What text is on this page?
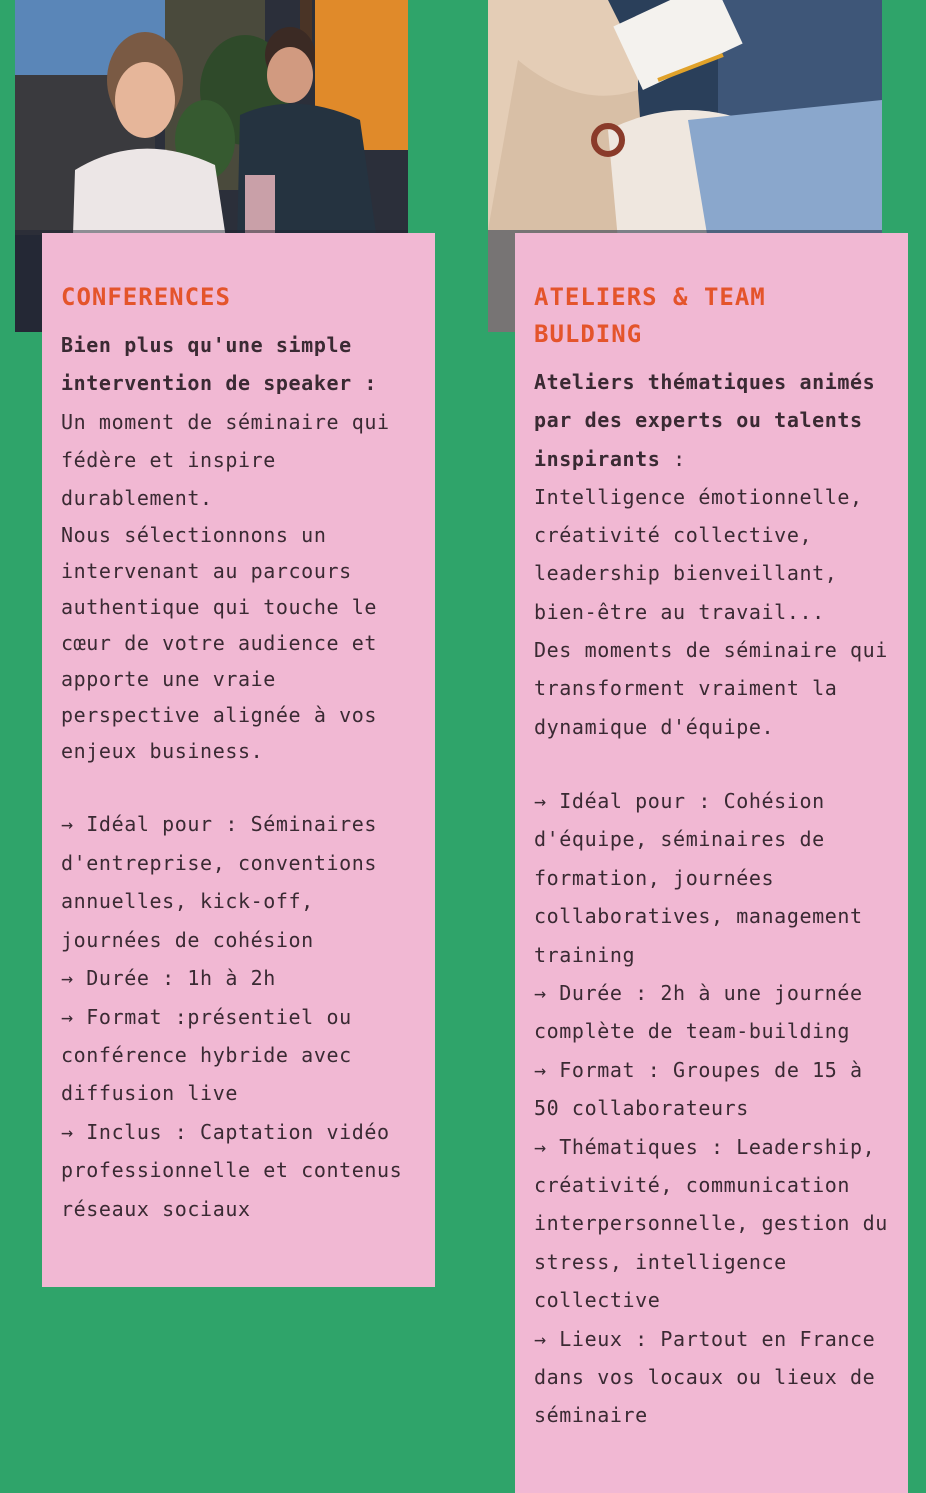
CONFERENCES

Bien plus qu'une simple intervention de speaker :

Un moment de séminaire qui fédère et inspire durablement.

Nous sélectionnons un intervenant au parcours authentique qui touche le cœur de votre audience et apporte une vraie perspective alignée à vos enjeux business.

→ Idéal pour : Séminaires d'entreprise, conventions annuelles, kick-off, journées de cohésion

→ Durée : 1h à 2h

→ Format :présentiel ou conférence hybride avec diffusion live

→ Inclus : Captation vidéo professionnelle et contenus réseaux sociaux

ATELIERS & TEAM BULDING

Ateliers thématiques animés par des experts ou talents inspirants :

Intelligence émotionnelle, créativité collective, leadership bienveillant, bien-être au travail...

Des moments de séminaire qui transforment vraiment la dynamique d'équipe.

→ Idéal pour : Cohésion d'équipe, séminaires de formation, journées collaboratives, management training

→ Durée : 2h à une journée complète de team-building

→ Format : Groupes de 15 à 50 collaborateurs

→ Thématiques : Leadership, créativité, communication interpersonnelle, gestion du stress, intelligence collective

→ Lieux : Partout en France dans vos locaux ou lieux de séminaire
